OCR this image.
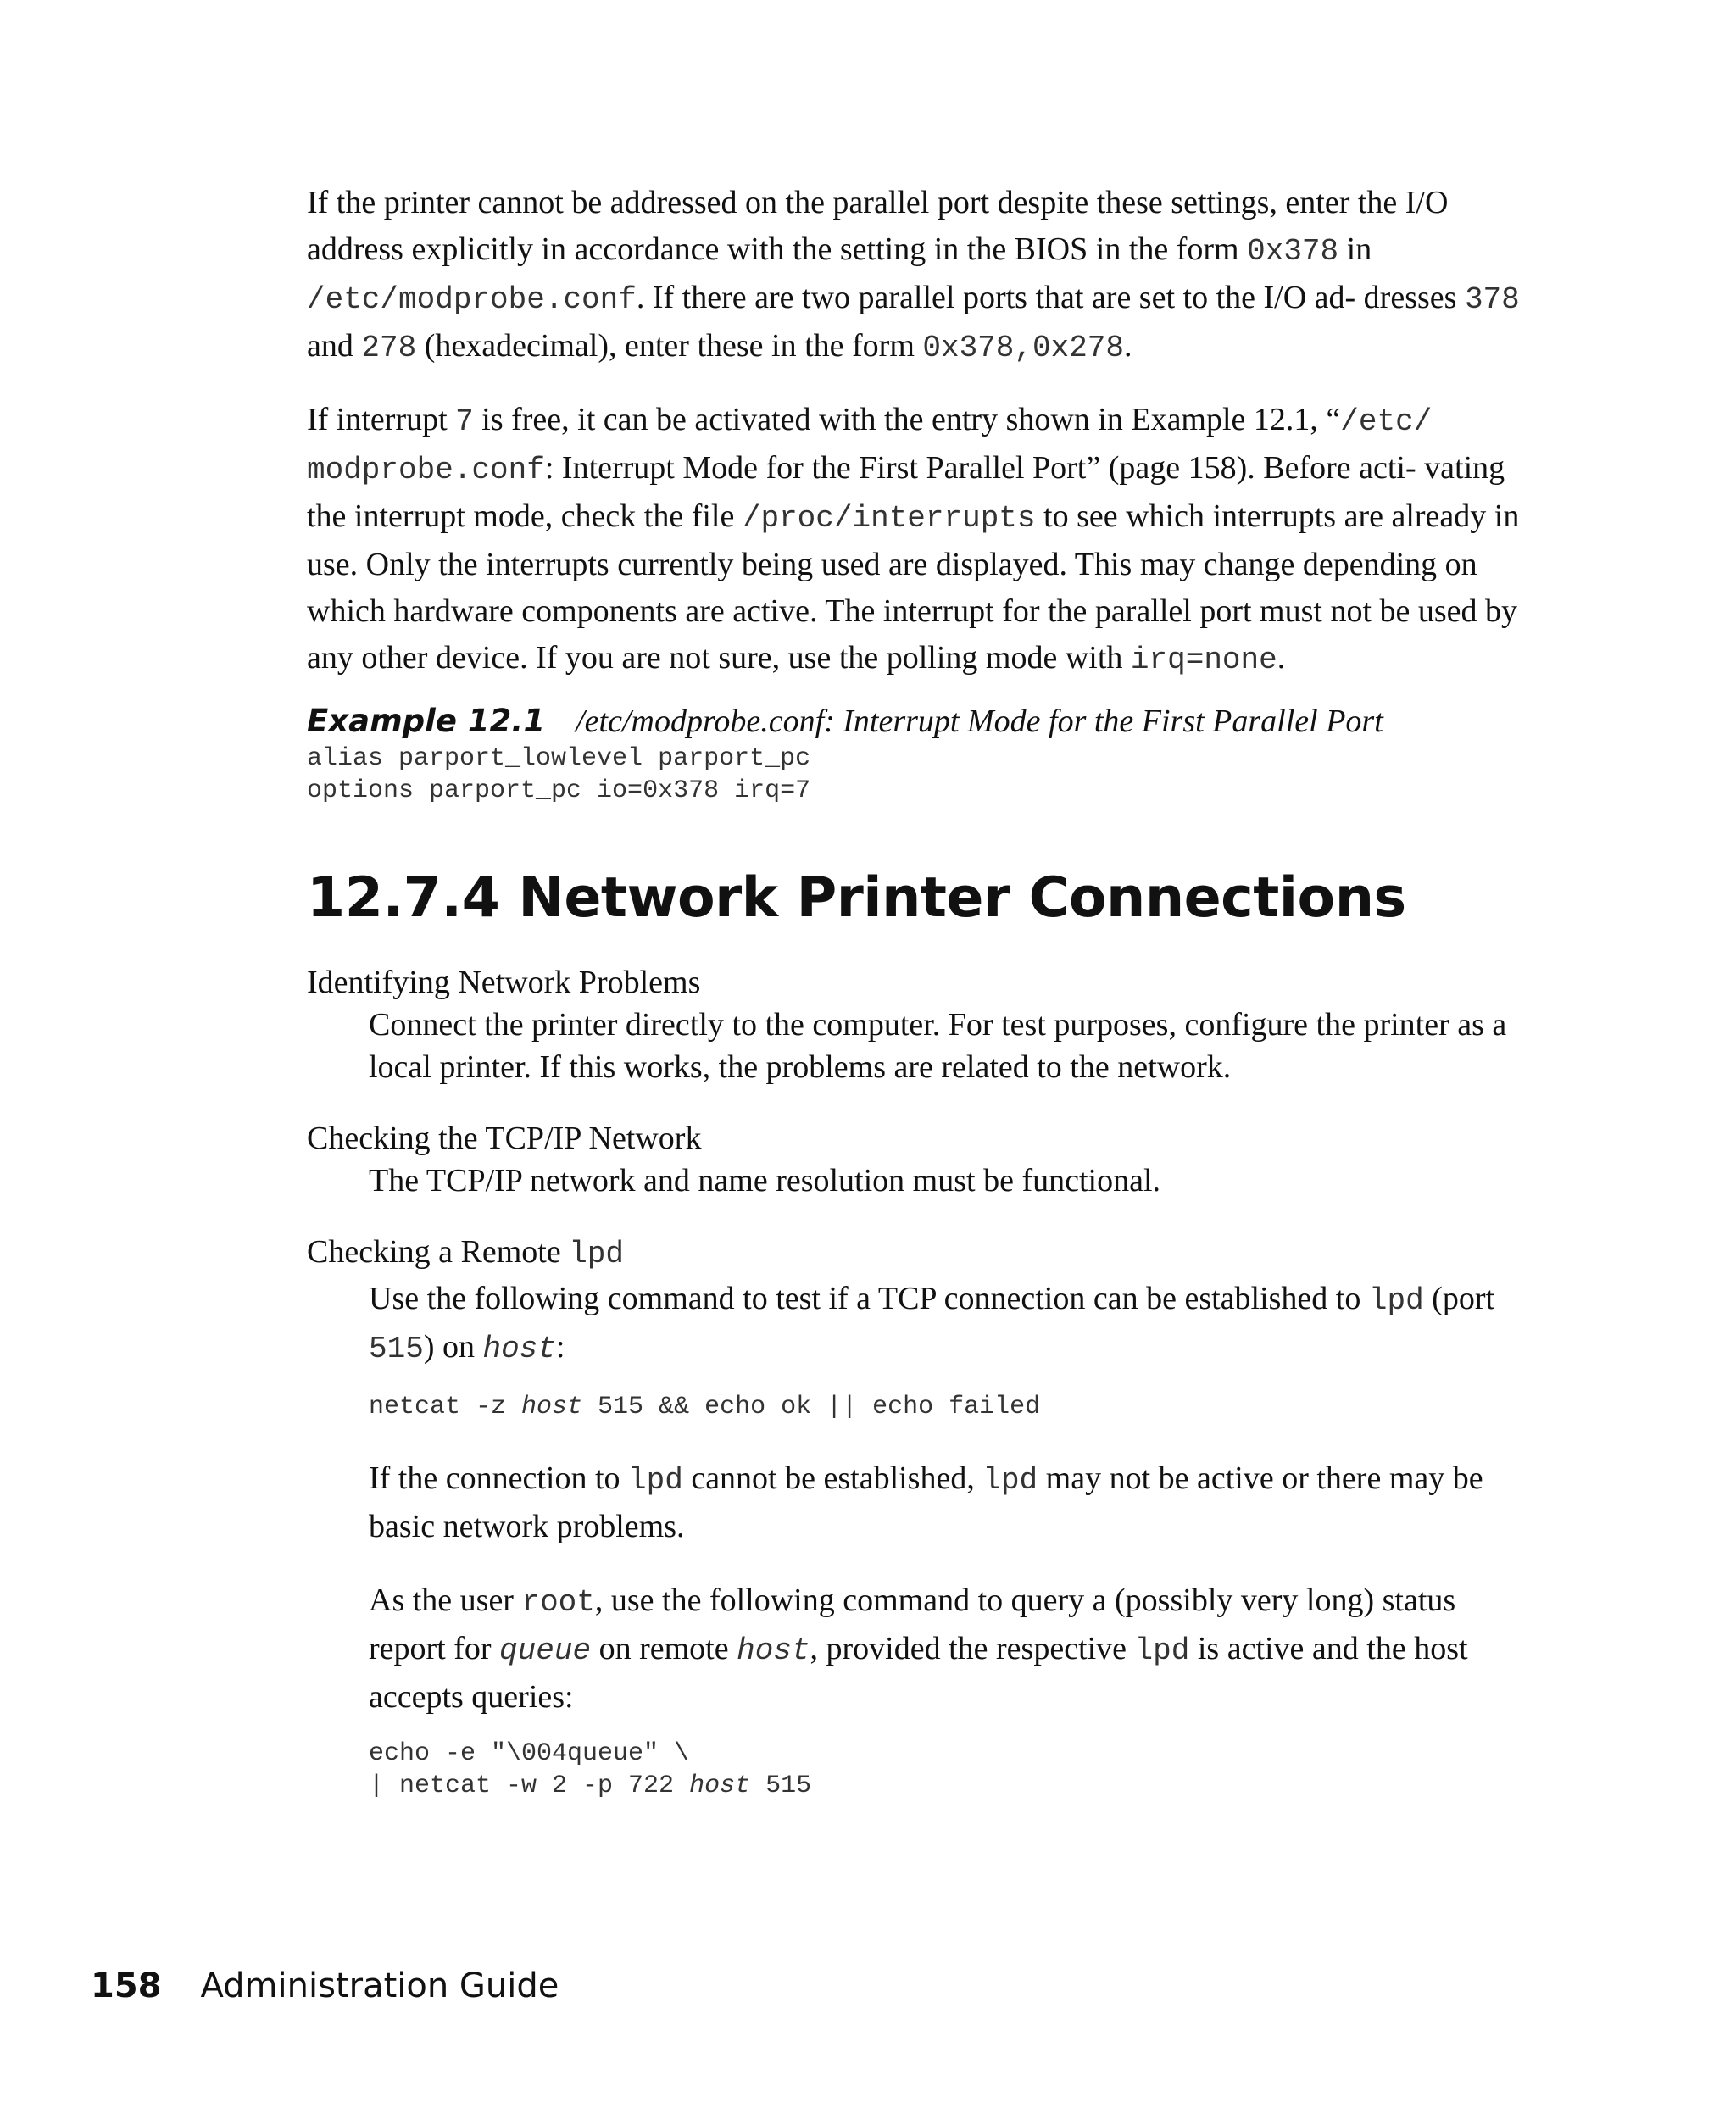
If the printer cannot be addressed on the parallel port despite these settings, enter the I/O address explicitly in accordance with the setting in the BIOS in the form 0x378 in /etc/modprobe.conf. If there are two parallel ports that are set to the I/O ad- dresses 378 and 278 (hexadecimal), enter these in the form 0x378,0x278.

If interrupt 7 is free, it can be activated with the entry shown in Example 12.1, “/etc/ modprobe.conf: Interrupt Mode for the First Parallel Port” (page 158). Before acti- vating the interrupt mode, check the file /proc/interrupts to see which interrupts are already in use. Only the interrupts currently being used are displayed. This may change depending on which hardware components are active. The interrupt for the parallel port must not be used by any other device. If you are not sure, use the polling mode with irq=none.

Example 12.1 /etc/modprobe.conf: Interrupt Mode for the First Parallel Port

alias parport_lowlevel parport_pc
options parport_pc io=0x378 irq=7
12.7.4 Network Printer Connections

Identifying Network Problems

Connect the printer directly to the computer. For test purposes, configure the printer as a local printer. If this works, the problems are related to the network.

Checking the TCP/IP Network

The TCP/IP network and name resolution must be functional.

Checking a Remote lpd

Use the following command to test if a TCP connection can be established to lpd (port 515) on host:

netcat -z host 515 && echo ok || echo failed

If the connection to lpd cannot be established, lpd may not be active or there may be basic network problems.

As the user root, use the following command to query a (possibly very long) status report for queue on remote host, provided the respective lpd is active and the host accepts queries:

echo -e "\004queue" \
| netcat -w 2 -p 722 host 515
158 Administration Guide
